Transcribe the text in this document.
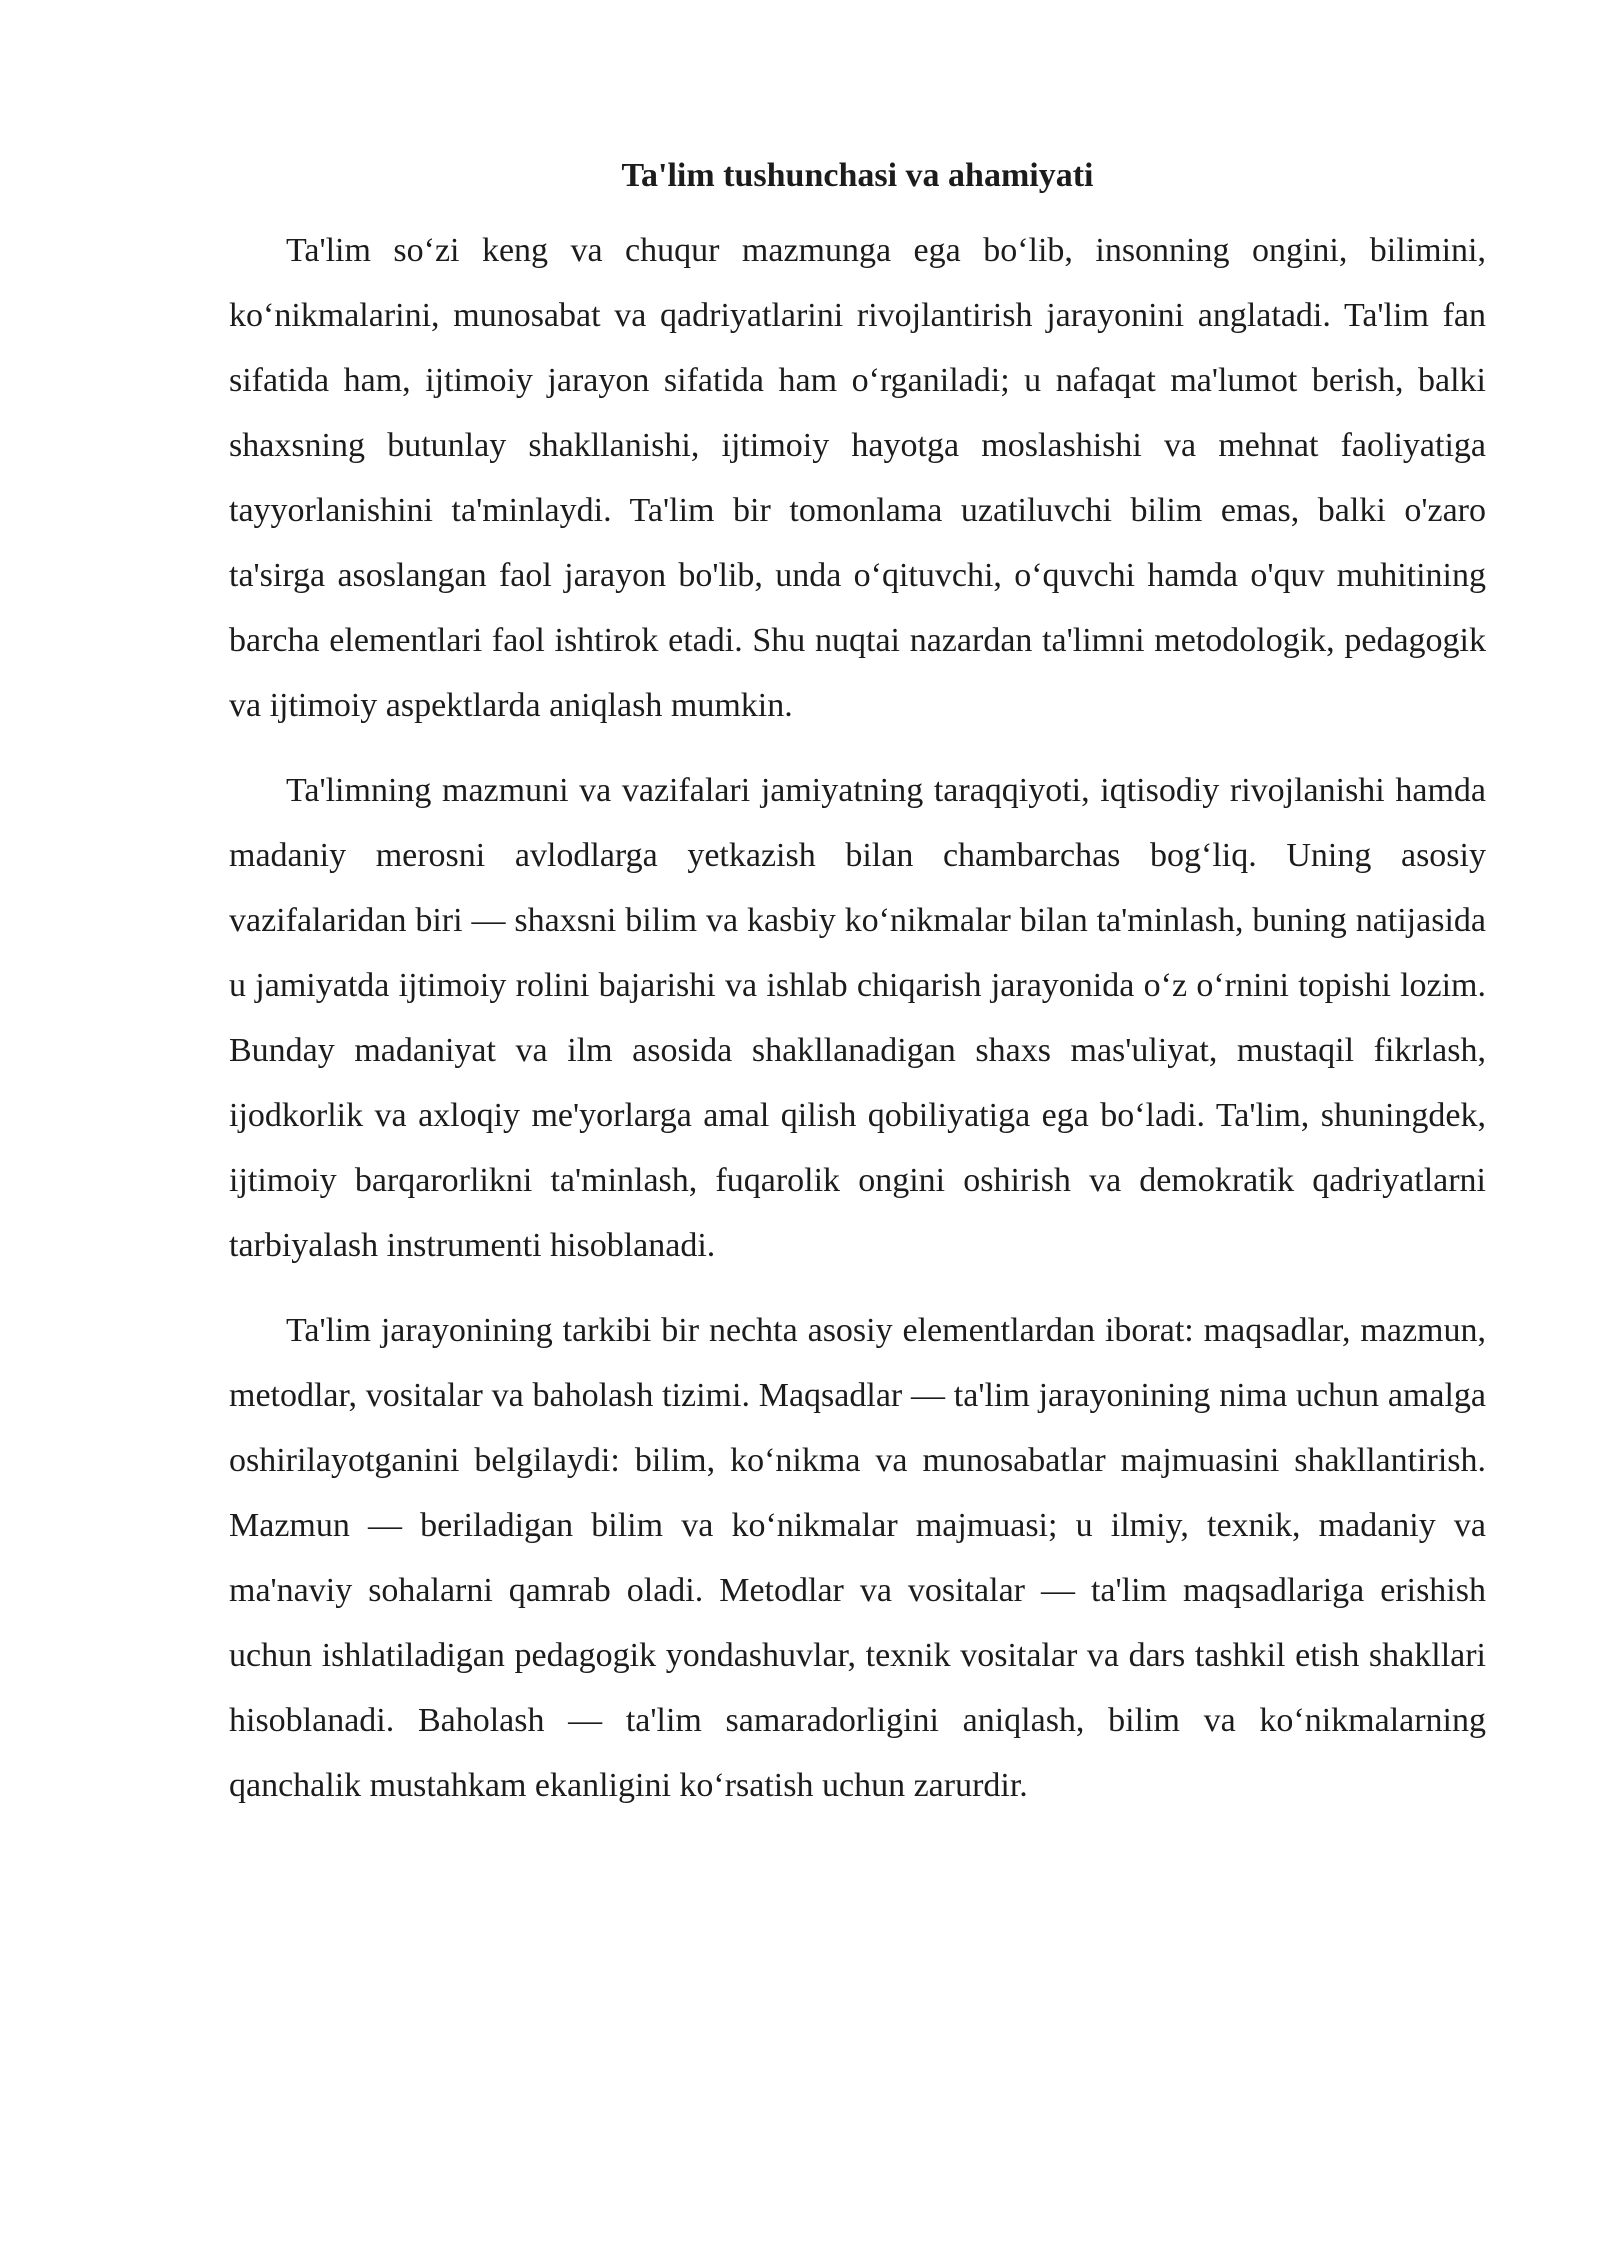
Ta'lim tushunchasi va ahamiyati

Ta'lim so‘zi keng va chuqur mazmunga ega bo‘lib, insonning ongini, bilimini, ko‘nikmalarini, munosabat va qadriyatlarini rivojlantirish jarayonini anglatadi. Ta'lim fan sifatida ham, ijtimoiy jarayon sifatida ham o‘rganiladi; u nafaqat ma'lumot berish, balki shaxsning butunlay shakllanishi, ijtimoiy hayotga moslashishi va mehnat faoliyatiga tayyorlanishini ta'minlaydi. Ta'lim bir tomonlama uzatiluvchi bilim emas, balki o'zaro ta'sirga asoslangan faol jarayon bo'lib, unda o‘qituvchi, o‘quvchi hamda o'quv muhitining barcha elementlari faol ishtirok etadi. Shu nuqtai nazardan ta'limni metodologik, pedagogik va ijtimoiy aspektlarda aniqlash mumkin.

Ta'limning mazmuni va vazifalari jamiyatning taraqqiyoti, iqtisodiy rivojlanishi hamda madaniy merosni avlodlarga yetkazish bilan chambarchas bog‘liq. Uning asosiy vazifalaridan biri — shaxsni bilim va kasbiy ko‘nikmalar bilan ta'minlash, buning natijasida u jamiyatda ijtimoiy rolini bajarishi va ishlab chiqarish jarayonida o‘z o‘rnini topishi lozim. Bunday madaniyat va ilm asosida shakllanadigan shaxs mas'uliyat, mustaqil fikrlash, ijodkorlik va axloqiy me'yorlarga amal qilish qobiliyatiga ega bo‘ladi. Ta'lim, shuningdek, ijtimoiy barqarorlikni ta'minlash, fuqarolik ongini oshirish va demokratik qadriyatlarni tarbiyalash instrumenti hisoblanadi.

Ta'lim jarayonining tarkibi bir nechta asosiy elementlardan iborat: maqsadlar, mazmun, metodlar, vositalar va baholash tizimi. Maqsadlar — ta'lim jarayonining nima uchun amalga oshirilayotganini belgilaydi: bilim, ko‘nikma va munosabatlar majmuasini shakllantirish. Mazmun — beriladigan bilim va ko‘nikmalar majmuasi; u ilmiy, texnik, madaniy va ma'naviy sohalarni qamrab oladi. Metodlar va vositalar — ta'lim maqsadlariga erishish uchun ishlatiladigan pedagogik yondashuvlar, texnik vositalar va dars tashkil etish shakllari hisoblanadi. Baholash — ta'lim samaradorligini aniqlash, bilim va ko‘nikmalarning qanchalik mustahkam ekanligini ko‘rsatish uchun zarurdir.
